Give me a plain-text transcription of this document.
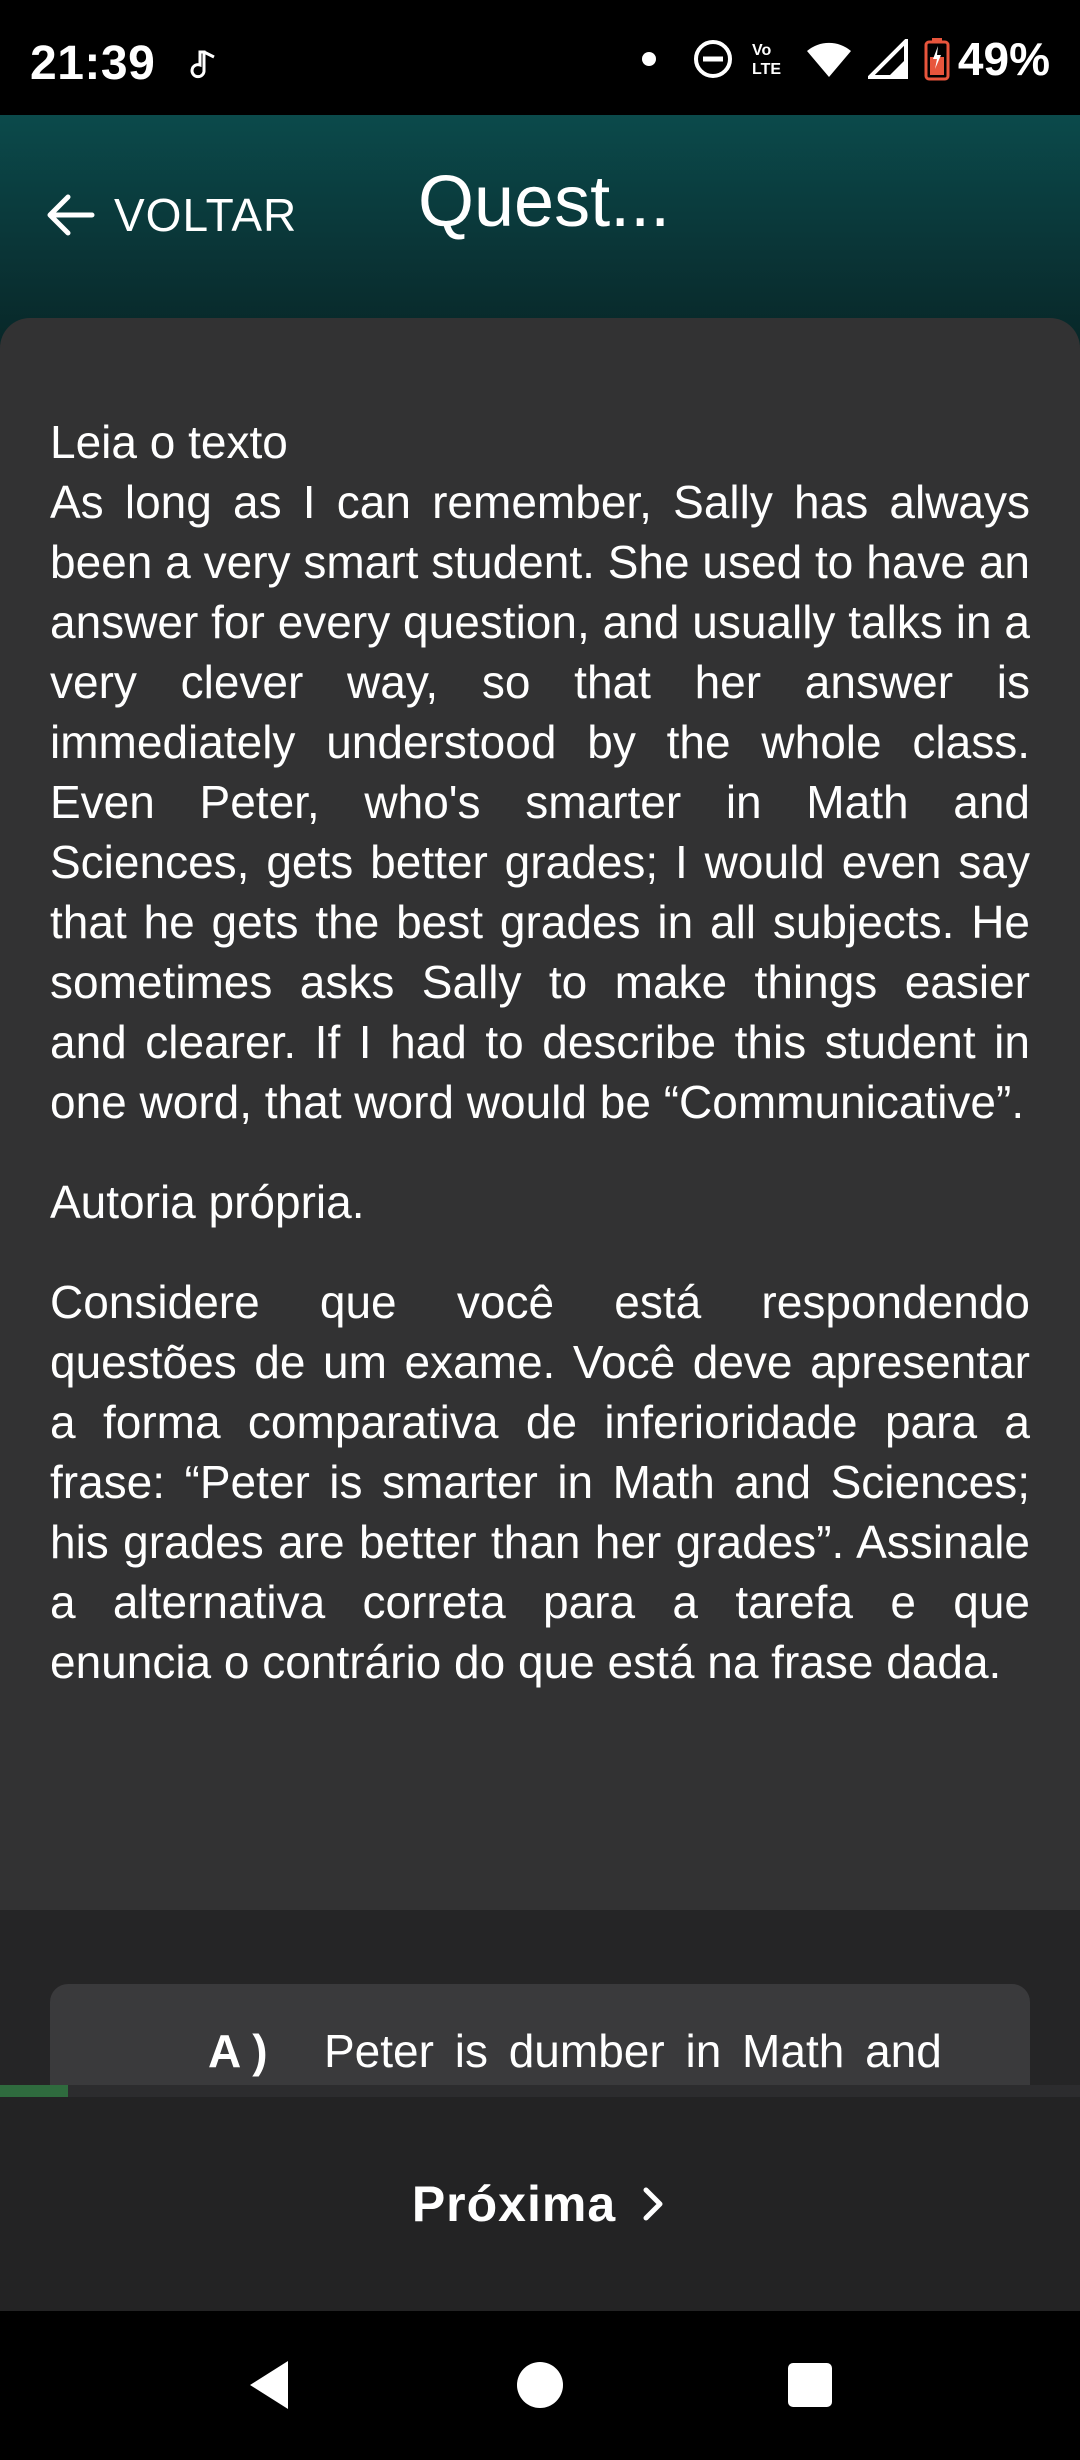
21:39	Vo
LTE	49%
VOLTAR Quest...
Leia o texto

As long as I can remember, Sally has always been a very smart student. She used to have an answer for every question, and usually talks in a very clever way, so that her answer is immediately understood by the whole class. Even Peter, who's smarter in Math and Sciences, gets better grades; I would even say that he gets the best grades in all subjects. He sometimes asks Sally to make things easier and clearer. If I had to describe this student in one word, that word would be “Communicative”.

Autoria própria.

Considere que você está respondendo questões de um exame. Você deve apresentar a forma comparativa de inferioridade para a frase: “Peter is smarter in Math and Sciences; his grades are better than her grades”. Assinale a alternativa correta para a tarefa e que enuncia o contrário do que está na frase dada.

A ) Peter is dumber in Math and
Próxima
